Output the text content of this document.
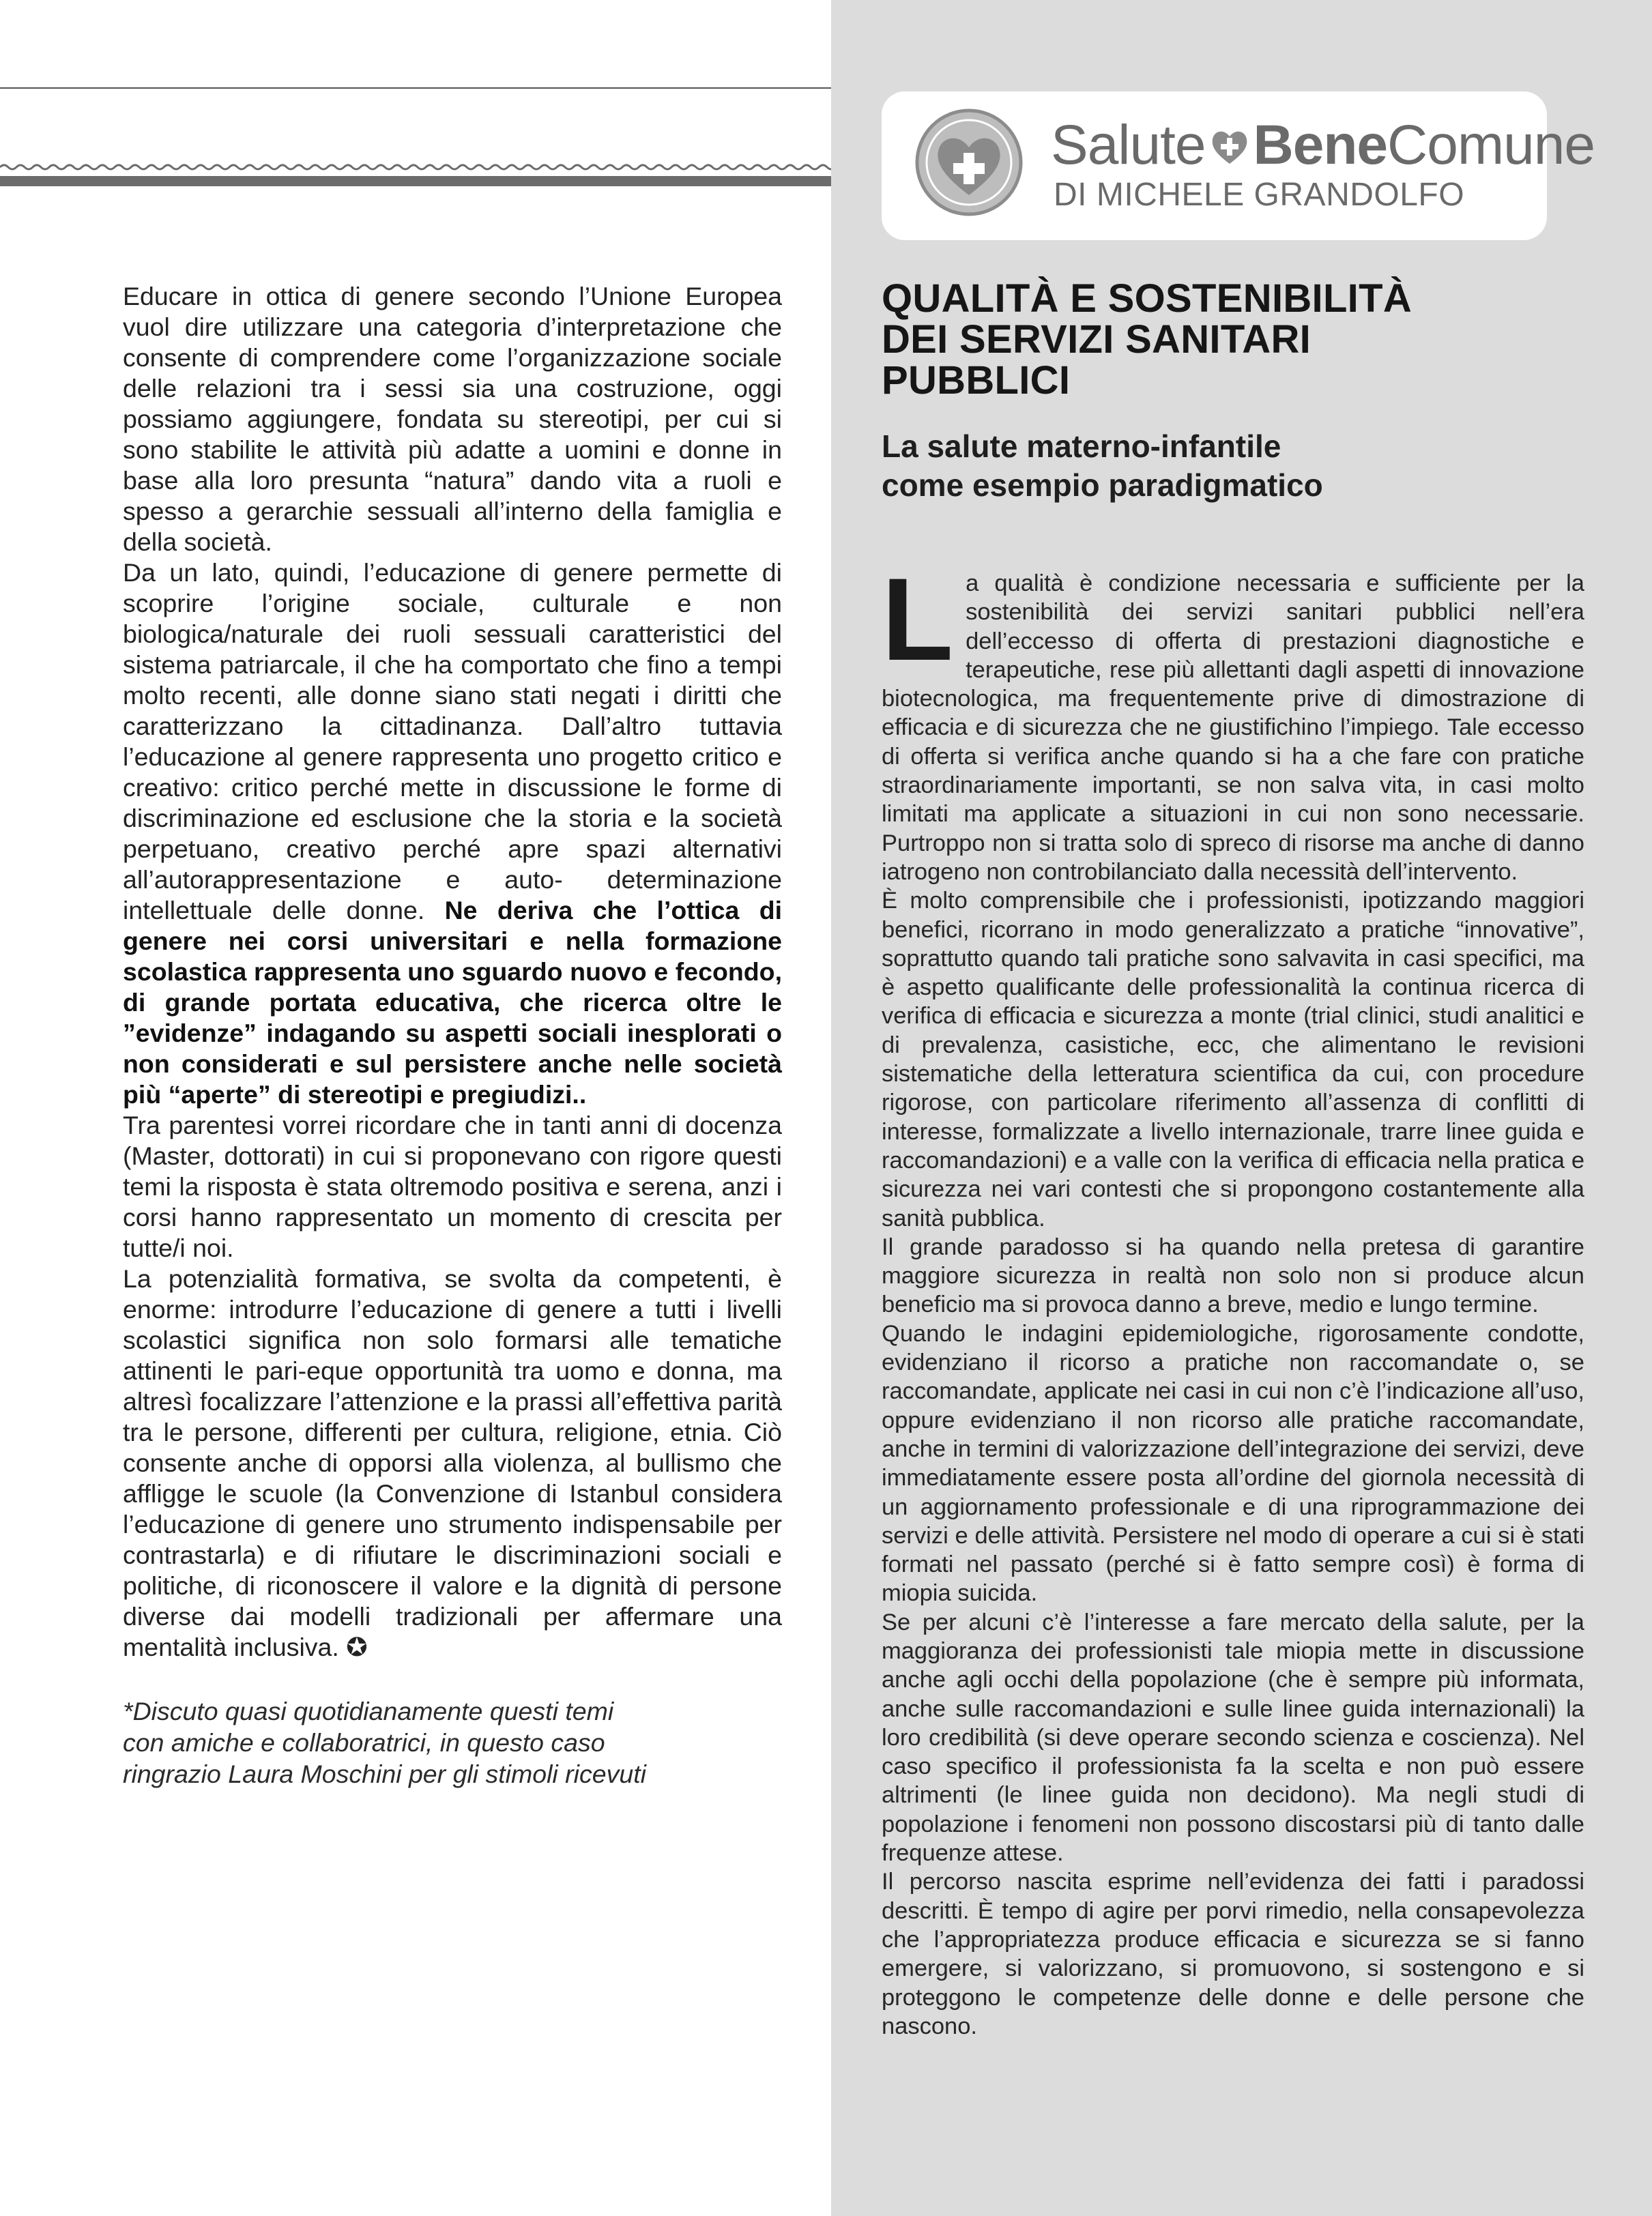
Salute BeneComune
DI MICHELE GRANDOLFO

Educare in ottica di genere secondo l’Unione Europea vuol dire utilizzare una categoria d’interpretazione che consente di comprendere come l’organizzazione sociale delle relazioni tra i sessi sia una costruzione, oggi possiamo aggiungere, fondata su stereotipi, per cui si sono stabilite le attività più adatte a uomini e donne in base alla loro presunta “natura” dando vita a ruoli e spesso a gerarchie sessuali all’interno della famiglia e della società.

Da un lato, quindi, l’educazione di genere permette di scoprire l’origine sociale, culturale e non biologica/naturale dei ruoli sessuali caratteristici del sistema patriarcale, il che ha comportato che fino a tempi molto recenti, alle donne siano stati negati i diritti che caratterizzano la cittadinanza. Dall’altro tuttavia l’educazione al genere rappresenta uno progetto critico e creativo: critico perché mette in discussione le forme di discriminazione ed esclusione che la storia e la società perpetuano, creativo perché apre spazi alternativi all’autorappresentazione e auto- determinazione intellettuale delle donne. Ne deriva che l’ottica di genere nei corsi universitari e nella formazione scolastica rappresenta uno sguardo nuovo e fecondo, di grande portata educativa, che ricerca oltre le ”evidenze” indagando su aspetti sociali inesplorati o non considerati e sul persistere anche nelle società più “aperte” di stereotipi e pregiudizi..

Tra parentesi vorrei ricordare che in tanti anni di docenza (Master, dottorati) in cui si proponevano con rigore questi temi la risposta è stata oltremodo positiva e serena, anzi i corsi hanno rappresentato un momento di crescita per tutte/i noi.

La potenzialità formativa, se svolta da competenti, è enorme: introdurre l’educazione di genere a tutti i livelli scolastici significa non solo formarsi alle tematiche attinenti le pari-eque opportunità tra uomo e donna, ma altresì focalizzare l’attenzione e la prassi all’effettiva parità tra le persone, differenti per cultura, religione, etnia. Ciò consente anche di opporsi alla violenza, al bullismo che affligge le scuole (la Convenzione di Istanbul considera l’educazione di genere uno strumento indispensabile per contrastarla) e di rifiutare le discriminazioni sociali e politiche, di riconoscere il valore e la dignità di persone diverse dai modelli tradizionali per affermare una mentalità inclusiva. ✪

*Discuto quasi quotidianamente questi temi
con amiche e collaboratrici, in questo caso
ringrazio Laura Moschini per gli stimoli ricevuti
QUALITÀ E SOSTENIBILITÀ
DEI SERVIZI SANITARI
PUBBLICI
La salute materno-infantile
come esempio paradigmatico

La qualità è condizione necessaria e sufficiente per la sostenibilità dei servizi sanitari pubblici nell’era dell’eccesso di offerta di prestazioni diagnostiche e terapeutiche, rese più allettanti dagli aspetti di innovazione biotecnologica, ma frequentemente prive di dimostrazione di efficacia e di sicurezza che ne giustifichino l’impiego. Tale eccesso di offerta si verifica anche quando si ha a che fare con pratiche straordinariamente importanti, se non salva vita, in casi molto limitati ma applicate a situazioni in cui non sono necessarie. Purtroppo non si tratta solo di spreco di risorse ma anche di danno iatrogeno non controbilanciato dalla necessità dell’intervento.

È molto comprensibile che i professionisti, ipotizzando maggiori benefici, ricorrano in modo generalizzato a pratiche “innovative”, soprattutto quando tali pratiche sono salvavita in casi specifici, ma è aspetto qualificante delle professionalità la continua ricerca di verifica di efficacia e sicurezza a monte (trial clinici, studi analitici e di prevalenza, casistiche, ecc, che alimentano le revisioni sistematiche della letteratura scientifica da cui, con procedure rigorose, con particolare riferimento all’assenza di conflitti di interesse, formalizzate a livello internazionale, trarre linee guida e raccomandazioni) e a valle con la verifica di efficacia nella pratica e sicurezza nei vari contesti che si propongono costantemente alla sanità pubblica.

Il grande paradosso si ha quando nella pretesa di garantire maggiore sicurezza in realtà non solo non si produce alcun beneficio ma si provoca danno a breve, medio e lungo termine.

Quando le indagini epidemiologiche, rigorosamente condotte, evidenziano il ricorso a pratiche non raccomandate o, se raccomandate, applicate nei casi in cui non c’è l’indicazione all’uso, oppure evidenziano il non ricorso alle pratiche raccomandate, anche in termini di valorizzazione dell’integrazione dei servizi, deve immediatamente essere posta all’ordine del giornola necessità di un aggiornamento professionale e di una riprogrammazione dei servizi e delle attività. Persistere nel modo di operare a cui si è stati formati nel passato (perché si è fatto sempre così) è forma di miopia suicida.

Se per alcuni c’è l’interesse a fare mercato della salute, per la maggioranza dei professionisti tale miopia mette in discussione anche agli occhi della popolazione (che è sempre più informata, anche sulle raccomandazioni e sulle linee guida internazionali) la loro credibilità (si deve operare secondo scienza e coscienza). Nel caso specifico il professionista fa la scelta e non può essere altrimenti (le linee guida non decidono). Ma negli studi di popolazione i fenomeni non possono discostarsi più di tanto dalle frequenze attese.

Il percorso nascita esprime nell’evidenza dei fatti i paradossi descritti. È tempo di agire per porvi rimedio, nella consapevolezza che l’appropriatezza produce efficacia e sicurezza se si fanno emergere, si valorizzano, si promuovono, si sostengono e si proteggono le competenze delle donne e delle persone che nascono.
